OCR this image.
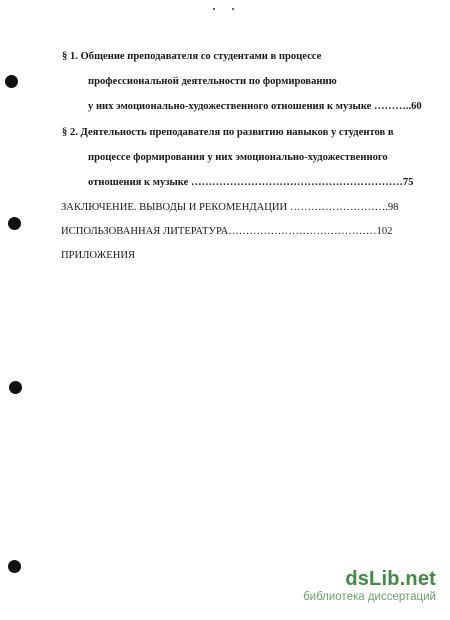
§ 1. Общение преподавателя со студентами в процессе
профессиональной деятельности по формированию
у них эмоционально-художественного отношения к музыке ………..60
§ 2. Деятельность преподавателя по развитию навыков у студентов в
процессе формирования у них эмоционально-художественного
отношения к музыке ……………………………………………………75
ЗАКЛЮЧЕНИЕ. ВЫВОДЫ И РЕКОМЕНДАЦИИ ……………………….98
ИСПОЛЬЗОВАННАЯ ЛИТЕРАТУРА……………………………………102
ПРИЛОЖЕНИЯ
dsLib.net
библиотека диссертаций
